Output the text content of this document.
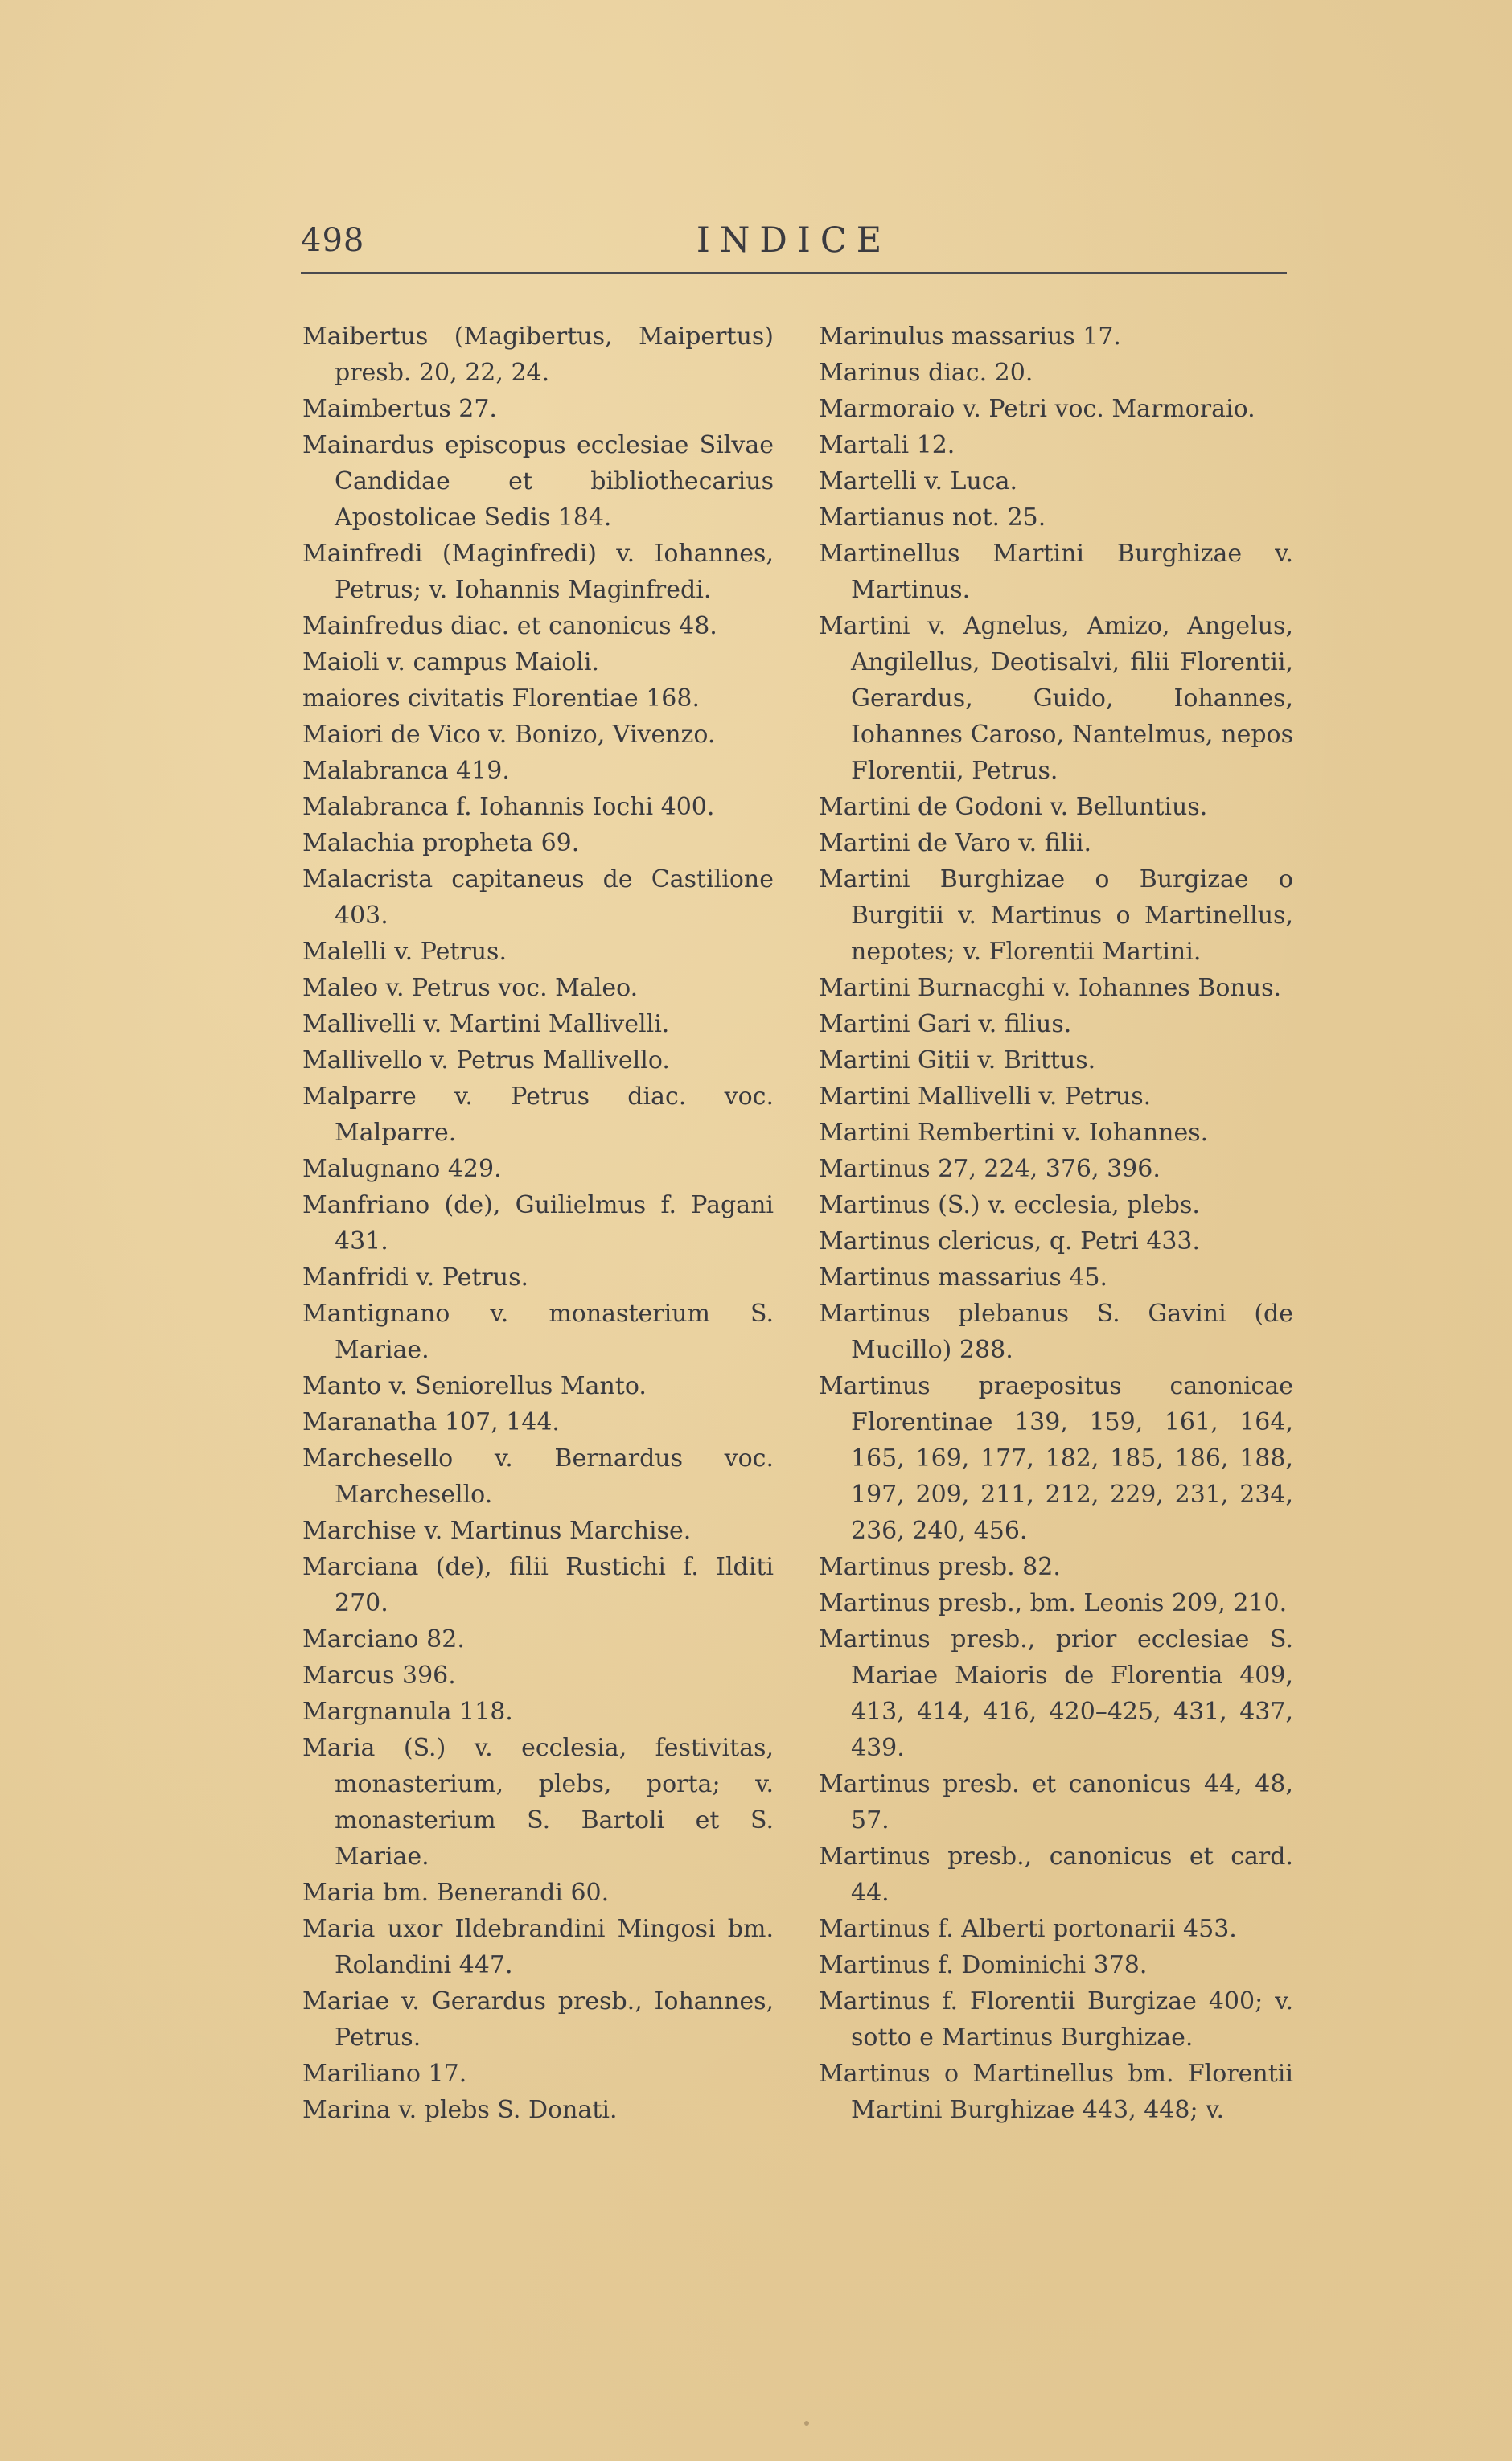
498	INDICE
Maibertus (Magibertus, Maipertus) presb. 20, 22, 24.
Maimbertus 27.
Mainardus episcopus ecclesiae Silvae Candidae et bibliothecarius Apostolicae Sedis 184.
Mainfredi (Maginfredi) v. Iohannes, Petrus; v. Iohannis Maginfredi.
Mainfredus diac. et canonicus 48.
Maioli v. campus Maioli.
maiores civitatis Florentiae 168.
Maiori de Vico v. Bonizo, Vivenzo.
Malabranca 419.
Malabranca f. Iohannis Iochi 400.
Malachia propheta 69.
Malacrista capitaneus de Castilione 403.
Malelli v. Petrus.
Maleo v. Petrus voc. Maleo.
Mallivelli v. Martini Mallivelli.
Mallivello v. Petrus Mallivello.
Malparre v. Petrus diac. voc. Malparre.
Malugnano 429.
Manfriano (de), Guilielmus f. Pagani 431.
Manfridi v. Petrus.
Mantignano v. monasterium S. Mariae.
Manto v. Seniorellus Manto.
Maranatha 107, 144.
Marchesello v. Bernardus voc. Marchesello.
Marchise v. Martinus Marchise.
Marciana (de), filii Rustichi f. Ilditi 270.
Marciano 82.
Marcus 396.
Margnanula 118.
Maria (S.) v. ecclesia, festivitas, monasterium, plebs, porta; v. monasterium S. Bartoli et S. Mariae.
Maria bm. Benerandi 60.
Maria uxor Ildebrandini Mingosi bm. Rolandini 447.
Mariae v. Gerardus presb., Iohannes, Petrus.
Mariliano 17.
Marina v. plebs S. Donati.
Marinulus massarius 17.
Marinus diac. 20.
Marmoraio v. Petri voc. Marmoraio.
Martali 12.
Martelli v. Luca.
Martianus not. 25.
Martinellus Martini Burghizae v. Martinus.
Martini v. Agnelus, Amizo, Angelus, Angilellus, Deotisalvi, filii Florentii, Gerardus, Guido, Iohannes, Iohannes Caroso, Nantelmus, nepos Florentii, Petrus.
Martini de Godoni v. Belluntius.
Martini de Varo v. filii.
Martini Burghizae o Burgizae o Burgitii v. Martinus o Martinellus, nepotes; v. Florentii Martini.
Martini Burnacghi v. Iohannes Bonus.
Martini Gari v. filius.
Martini Gitii v. Brittus.
Martini Mallivelli v. Petrus.
Martini Rembertini v. Iohannes.
Martinus 27, 224, 376, 396.
Martinus (S.) v. ecclesia, plebs.
Martinus clericus, q. Petri 433.
Martinus massarius 45.
Martinus plebanus S. Gavini (de Mucillo) 288.
Martinus praepositus canonicae Florentinae 139, 159, 161, 164, 165, 169, 177, 182, 185, 186, 188, 197, 209, 211, 212, 229, 231, 234, 236, 240, 456.
Martinus presb. 82.
Martinus presb., bm. Leonis 209, 210.
Martinus presb., prior ecclesiae S. Mariae Maioris de Florentia 409, 413, 414, 416, 420–425, 431, 437, 439.
Martinus presb. et canonicus 44, 48, 57.
Martinus presb., canonicus et card. 44.
Martinus f. Alberti portonarii 453.
Martinus f. Dominichi 378.
Martinus f. Florentii Burgizae 400; v. sotto e Martinus Burghizae.
Martinus o Martinellus bm. Florentii Martini Burghizae 443, 448; v.
